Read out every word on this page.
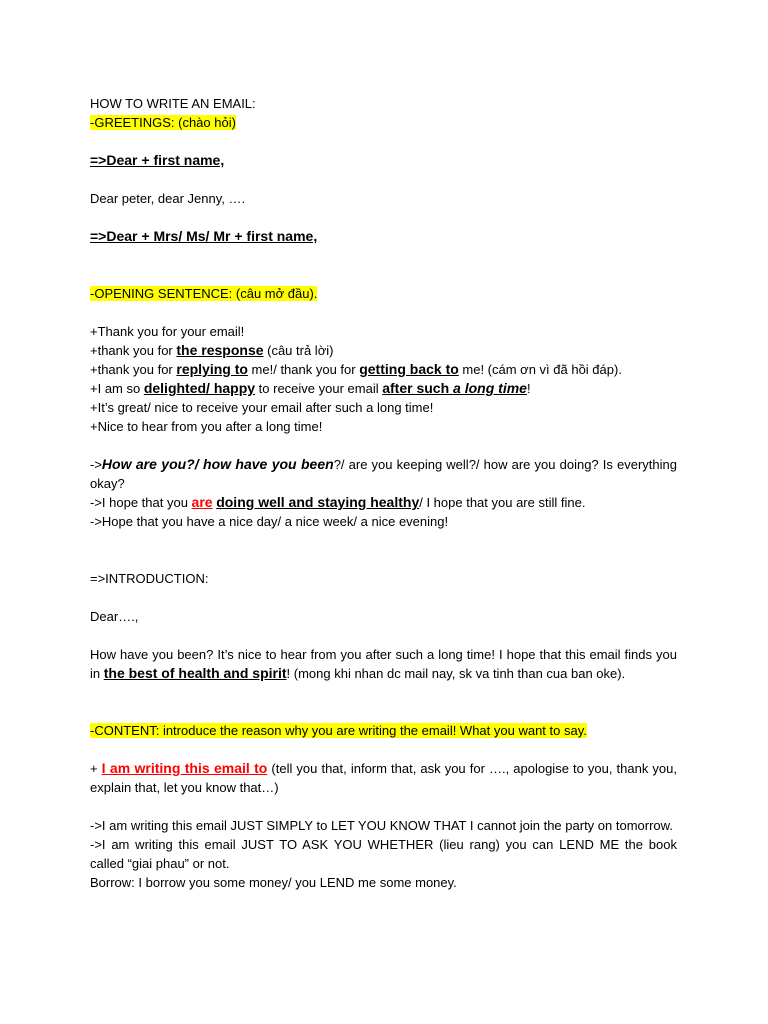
HOW TO WRITE AN EMAIL:

-GREETINGS: (chào hỏi)

=>Dear + first name,

Dear peter, dear Jenny, ….

=>Dear + Mrs/ Ms/ Mr + first name,

-OPENING SENTENCE: (câu mở đầu).

+Thank you for your email!

+thank you for the response (câu trả lời)

+thank you for replying to me!/ thank you for getting back to me! (cám ơn vì đã hồi đáp).

+I am so delighted/ happy to receive your email after such a long time!

+It’s great/ nice to receive your email after such a long time!

+Nice to hear from you after a long time!

->How are you?/ how have you been?/ are you keeping well?/ how are you doing? Is everything okay?

->I hope that you are doing well and staying healthy/ I hope that you are still fine.

->Hope that you have a nice day/ a nice week/ a nice evening!

=>INTRODUCTION:

Dear….,

How have you been? It’s nice to hear from you after such a long time! I hope that this email finds you in the best of health and spirit! (mong khi nhan dc mail nay, sk va tinh than cua ban oke).

-CONTENT: introduce the reason why you are writing the email! What you want to say.

+ I am writing this email to (tell you that, inform that, ask you for …., apologise to you, thank you, explain that, let you know that…)

->I am writing this email JUST SIMPLY to LET YOU KNOW THAT I cannot join the party on tomorrow.

->I am writing this email JUST TO ASK YOU WHETHER (lieu rang) you can LEND ME the book called “giai phau” or not.

Borrow: I borrow you some money/ you LEND me some money.
